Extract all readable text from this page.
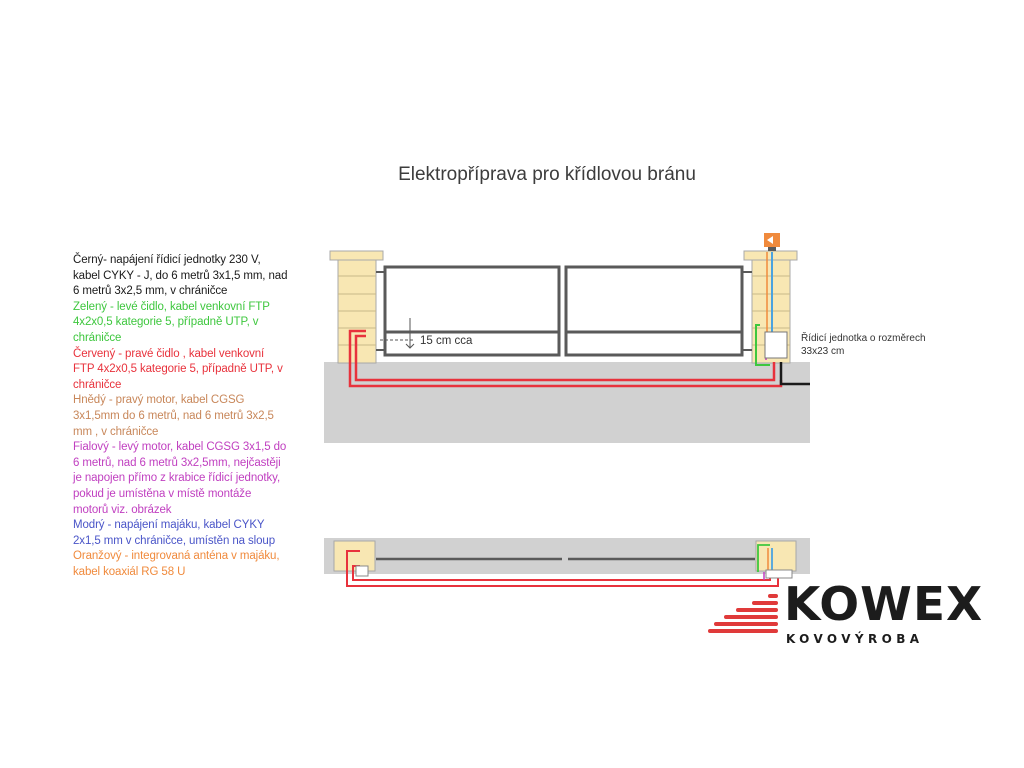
Elektropříprava pro křídlovou bránu

Černý- napájení řídicí jednotky 230 V, kabel CYKY - J, do 6 metrů 3x1,5 mm, nad 6 metrů 3x2,5 mm, v chráničce

Zelený - levé čidlo, kabel venkovní FTP 4x2x0,5 kategorie 5, případně UTP, v chráničce

Červený - pravé čidlo , kabel venkovní FTP 4x2x0,5 kategorie 5, případně UTP, v chráničce

Hnědý - pravý motor, kabel CGSG 3x1,5mm do 6 metrů, nad 6 metrů 3x2,5 mm , v chráničce

Fialový - levý motor, kabel CGSG 3x1,5 do 6 metrů, nad 6 metrů 3x2,5mm, nejčastěji je napojen přímo z krabice řídicí jednotky, pokud je umístěna v místě montáže motorů viz. obrázek

Modrý - napájení majáku, kabel CYKY 2x1,5 mm v chráničce, umístěn na sloup

Oranžový - integrovaná anténa v majáku, kabel koaxiál RG 58 U

15 cm cca	Řídicí jednotka o rozměrech
33x23 cm
KOWEX
KOVOVÝROBA
